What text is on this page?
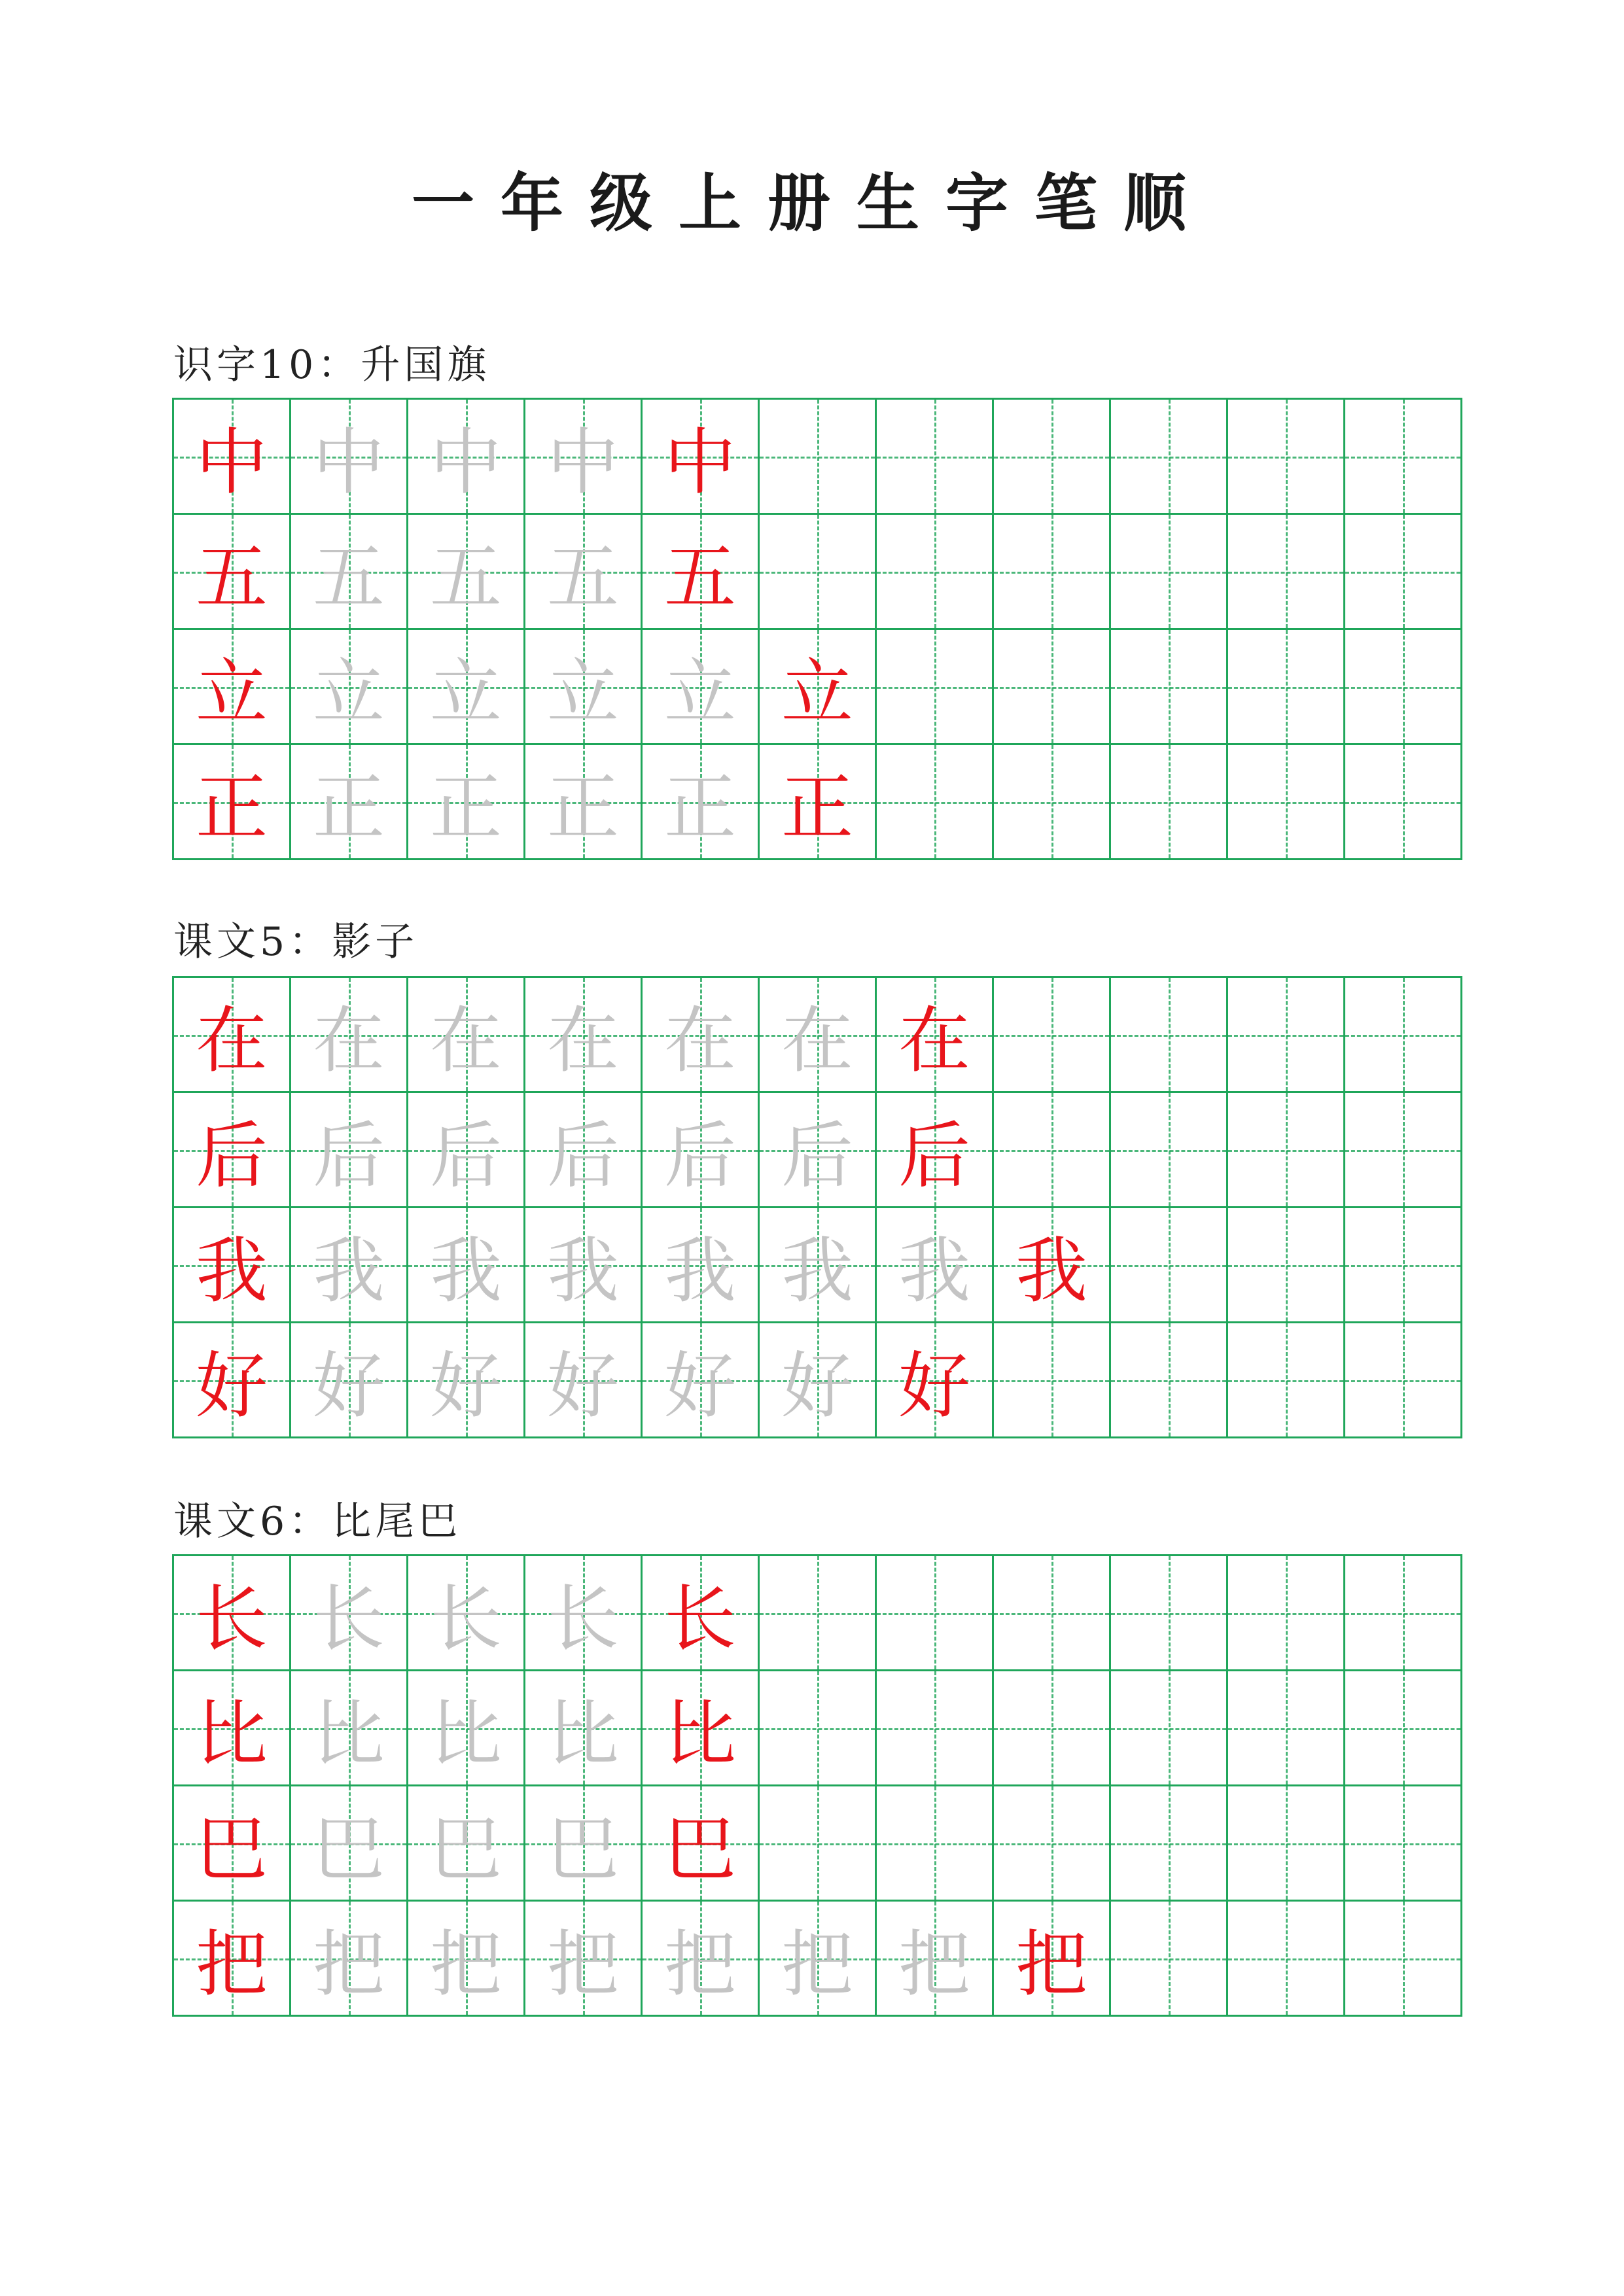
一年级上册生字笔顺
识字10：升国旗
中 中 中 中 中
五 五 五 五 五
立 立 立 立 立 立
正 正 正 正 正 正
课文5：影子
在 在 在 在 在 在 在
后 后 后 后 后 后 后
我 我 我 我 我 我 我 我
好 好 好 好 好 好 好
课文6：比尾巴
长 长 长 长 长
比 比 比 比 比
巴 巴 巴 巴 巴
把 把 把 把 把 把 把 把
